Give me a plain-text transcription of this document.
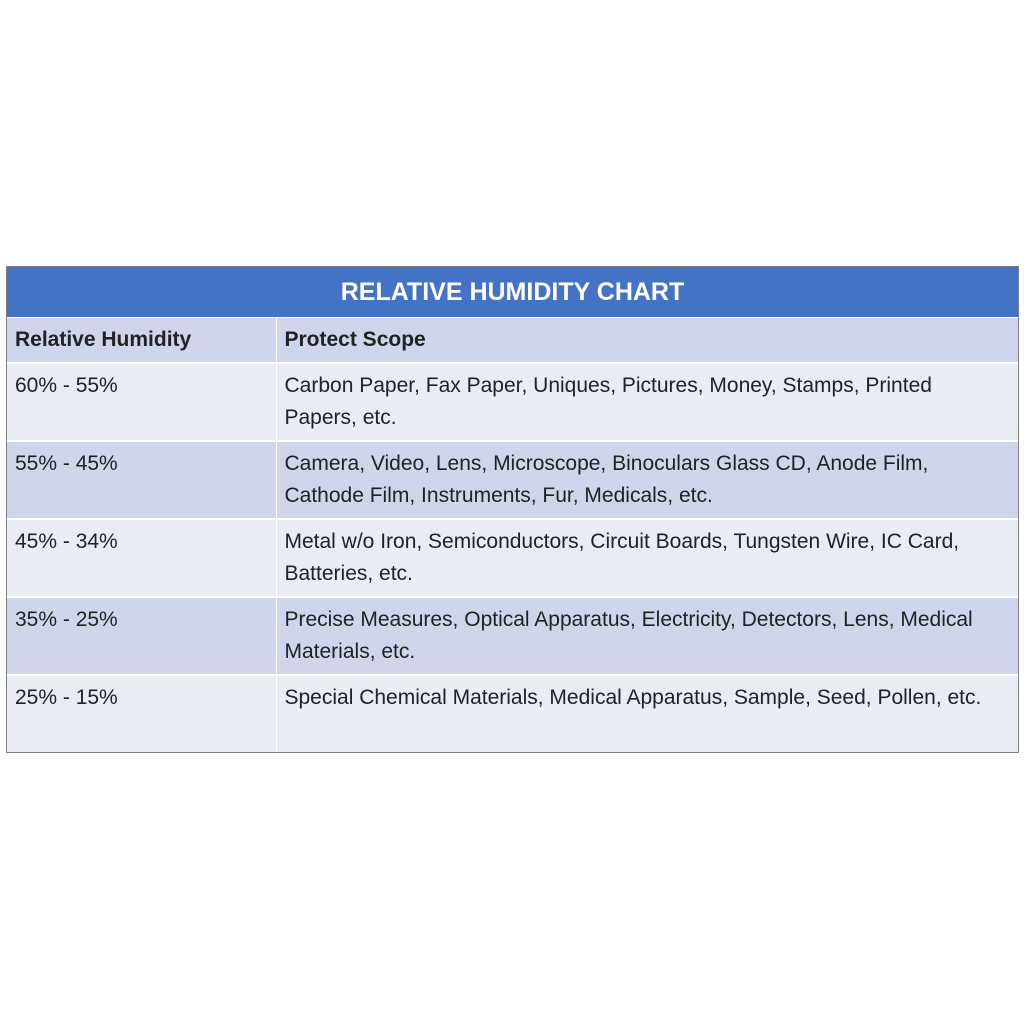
RELATIVE HUMIDITY CHART
Relative Humidity	Protect Scope
60% - 55%	Carbon Paper, Fax Paper, Uniques, Pictures, Money, Stamps, Printed Papers, etc.
55% - 45%	Camera, Video, Lens, Microscope, Binoculars Glass CD, Anode Film, Cathode Film, Instruments, Fur, Medicals, etc.
45% - 34%	Metal w/o Iron, Semiconductors, Circuit Boards, Tungsten Wire, IC Card, Batteries, etc.
35% - 25%	Precise Measures, Optical Apparatus, Electricity, Detectors, Lens, Medical Materials, etc.
25% - 15%	Special Chemical Materials, Medical Apparatus, Sample, Seed, Pollen, etc.
